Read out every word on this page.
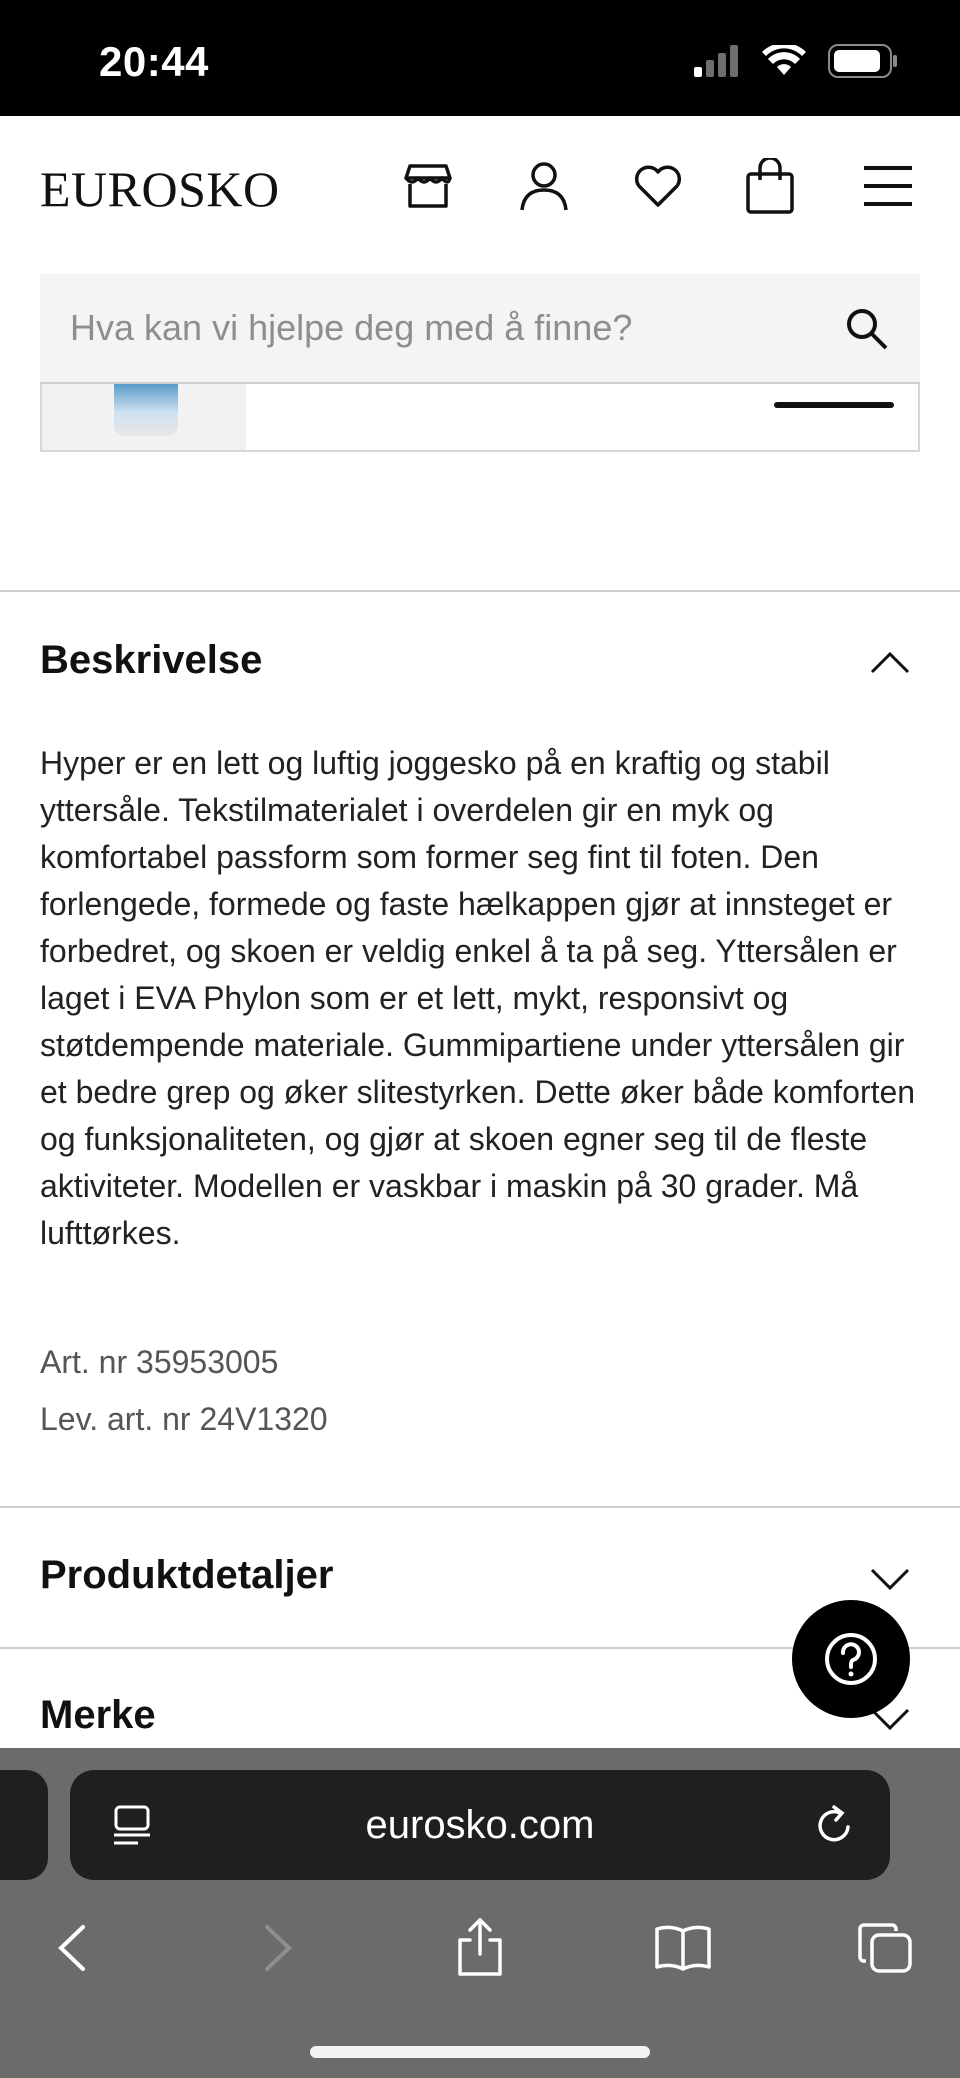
20:44
EUROSKO
Hva kan vi hjelpe deg med å finne?
Beskrivelse
Hyper er en lett og luftig joggesko på en kraftig og stabil yttersåle. Tekstilmaterialet i overdelen gir en myk og komfortabel passform som former seg fint til foten. Den forlengede, formede og faste hælkappen gjør at innsteget er forbedret, og skoen er veldig enkel å ta på seg. Yttersålen er laget i EVA Phylon som er et lett, mykt, responsivt og støtdempende materiale. Gummipartiene under yttersålen gir et bedre grep og øker slitestyrken. Dette øker både komforten og funksjonaliteten, og gjør at skoen egner seg til de fleste aktiviteter. Modellen er vaskbar i maskin på 30 grader. Må lufttørkes.
Art. nr 35953005
Lev. art. nr 24V1320
Produktdetaljer
Merke
eurosko.com
